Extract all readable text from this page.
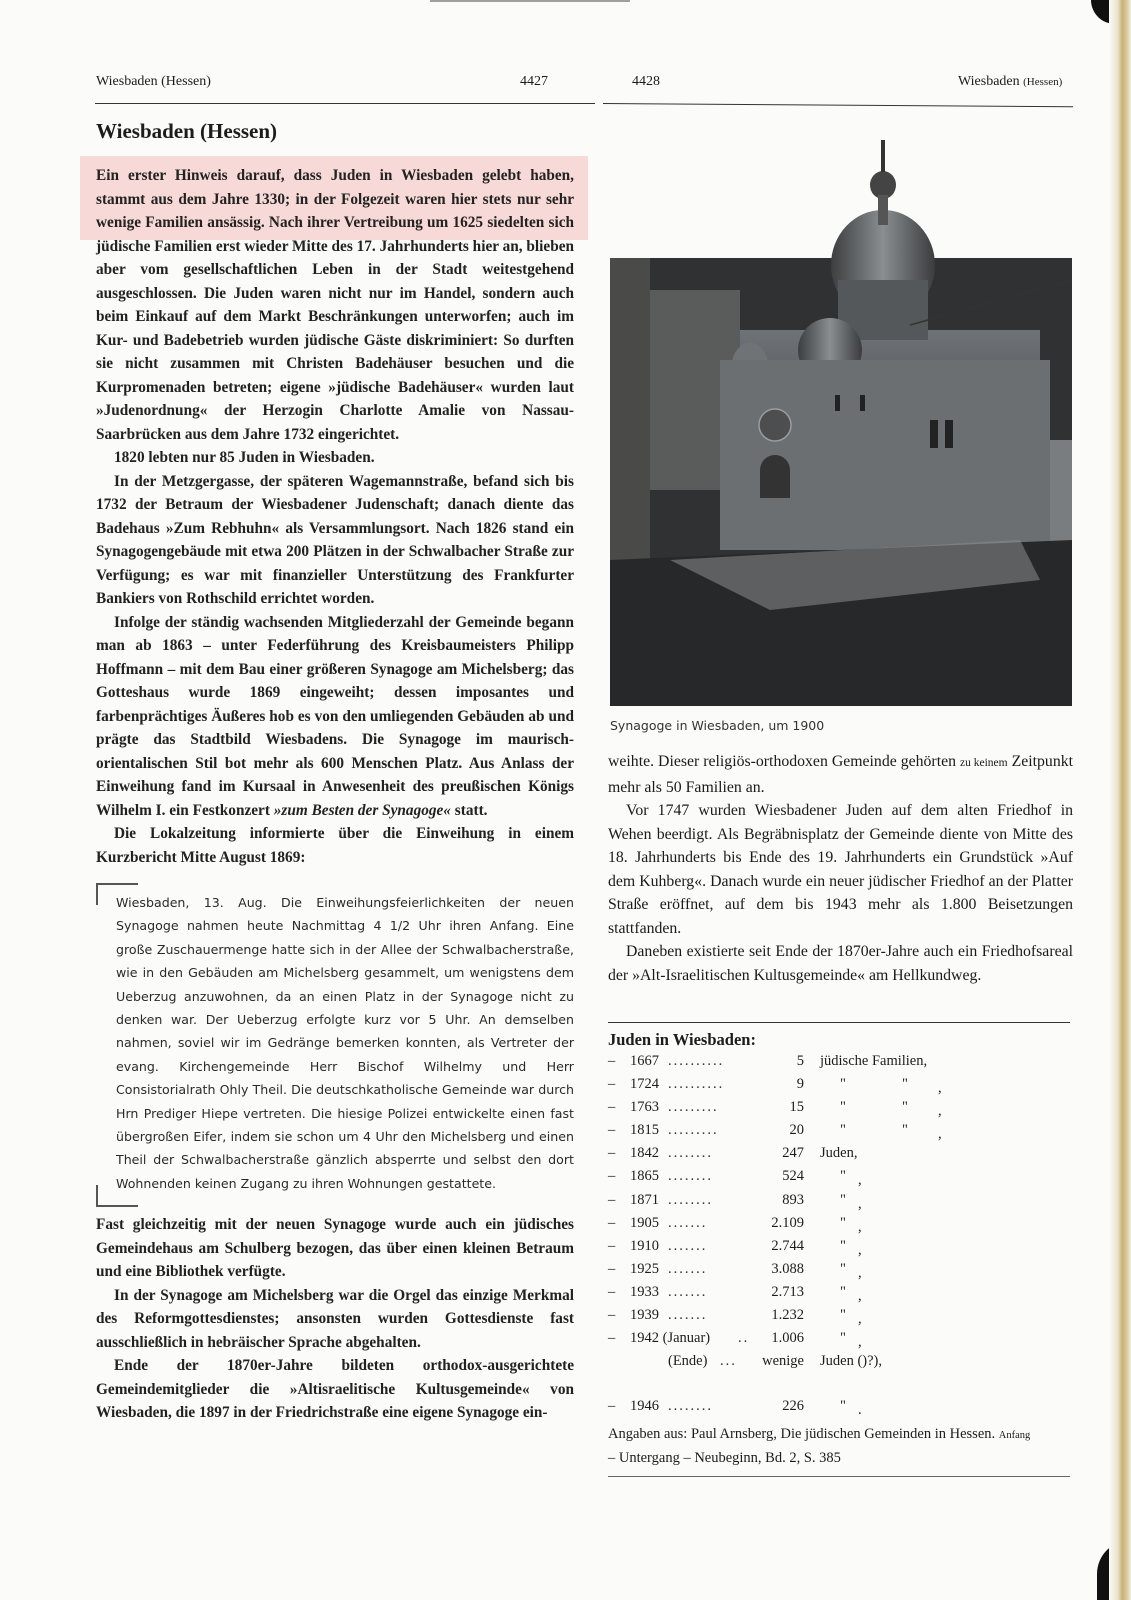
Wiesbaden (Hessen)	4427	4428	Wiesbaden (Hessen)
Wiesbaden (Hessen)

Ein erster Hinweis darauf, dass Juden in Wiesbaden gelebt haben, stammt aus dem Jahre 1330; in der Folgezeit waren hier stets nur sehr wenige Familien ansässig. Nach ihrer Vertreibung um 1625 siedelten sich jüdische Familien erst wieder Mitte des 17. Jahrhunderts hier an, blieben aber vom gesellschaftlichen Leben in der Stadt weitestgehend ausgeschlossen. Die Juden waren nicht nur im Handel, sondern auch beim Einkauf auf dem Markt Beschränkungen unterworfen; auch im Kur- und Badebetrieb wurden jüdische Gäste diskriminiert: So durften sie nicht zusammen mit Christen Badehäuser besuchen und die Kurpromenaden betreten; eigene »jüdische Badehäuser« wurden laut »Judenordnung« der Herzogin Charlotte Amalie von Nassau-Saarbrücken aus dem Jahre 1732 eingerichtet.

1820 lebten nur 85 Juden in Wiesbaden.

In der Metzgergasse, der späteren Wagemannstraße, befand sich bis 1732 der Betraum der Wiesbadener Judenschaft; danach diente das Badehaus »Zum Rebhuhn« als Versammlungsort. Nach 1826 stand ein Synagogengebäude mit etwa 200 Plätzen in der Schwalbacher Straße zur Verfügung; es war mit finanzieller Unterstützung des Frankfurter Bankiers von Rothschild errichtet worden.

Infolge der ständig wachsenden Mitgliederzahl der Gemeinde begann man ab 1863 – unter Federführung des Kreisbaumeisters Philipp Hoffmann – mit dem Bau einer größeren Synagoge am Michelsberg; das Gotteshaus wurde 1869 eingeweiht; dessen imposantes und farbenprächtiges Äußeres hob es von den umliegenden Gebäuden ab und prägte das Stadtbild Wiesbadens. Die Synagoge im maurisch-orientalischen Stil bot mehr als 600 Menschen Platz. Aus Anlass der Einweihung fand im Kursaal in Anwesenheit des preußischen Königs Wilhelm I. ein Festkonzert »zum Besten der Synagoge« statt.

Die Lokalzeitung informierte über die Einweihung in einem Kurzbericht Mitte August 1869:

Wiesbaden, 13. Aug. Die Einweihungsfeierlichkeiten der neuen Synagoge nahmen heute Nachmittag 4 1/2 Uhr ihren Anfang. Eine große Zuschauermenge hatte sich in der Allee der Schwalbacherstraße, wie in den Gebäuden am Michelsberg gesammelt, um wenigstens dem Ueberzug anzuwohnen, da an einen Platz in der Synagoge nicht zu denken war. Der Ueberzug erfolgte kurz vor 5 Uhr. An demselben nahmen, soviel wir im Gedränge bemerken konnten, als Vertreter der evang. Kirchengemeinde Herr Bischof Wilhelmy und Herr Consistorialrath Ohly Theil. Die deutschkatholische Gemeinde war durch Hrn Prediger Hiepe vertreten. Die hiesige Polizei entwickelte einen fast übergroßen Eifer, indem sie schon um 4 Uhr den Michelsberg und einen Theil der Schwalbacherstraße gänzlich absperrte und selbst den dort Wohnenden keinen Zugang zu ihren Wohnungen gestattete.

Fast gleichzeitig mit der neuen Synagoge wurde auch ein jüdisches Gemeindehaus am Schulberg bezogen, das über einen kleinen Betraum und eine Bibliothek verfügte.

In der Synagoge am Michelsberg war die Orgel das einzige Merkmal des Reformgottesdienstes; ansonsten wurden Gottesdienste fast ausschließlich in hebräischer Sprache abgehalten.

Ende der 1870er-Jahre bildeten orthodox-ausgerichtete Gemeindemitglieder die »Altisraelitische Kultusgemeinde« von Wiesbaden, die 1897 in der Friedrichstraße eine eigene Synagoge ein-

Synagoge in Wiesbaden, um 1900

weihte. Dieser religiös-orthodoxen Gemeinde gehörten zu keinem Zeitpunkt mehr als 50 Familien an.

Vor 1747 wurden Wiesbadener Juden auf dem alten Friedhof in Wehen beerdigt. Als Begräbnisplatz der Gemeinde diente von Mitte des 18. Jahrhunderts bis Ende des 19. Jahrhunderts ein Grundstück »Auf dem Kuhberg«. Danach wurde ein neuer jüdischer Friedhof an der Platter Straße eröffnet, auf dem bis 1943 mehr als 1.800 Beisetzungen stattfanden.

Daneben existierte seit Ende der 1870er-Jahre auch ein Friedhofsareal der »Alt-Israelitischen Kultusgemeinde« am Hellkundweg.

Juden in Wiesbaden:
– 1667 ..........	5 jüdische Familien,
– 1724 ..........	9 "	" ,
– 1763 .........	15 "	" ,
– 1815 .........	20 "	" ,
– 1842 ........	247 Juden,
– 1865 ........	524 " ,
– 1871 ........	893 " ,
– 1905 .......	2.109 " ,
– 1910 .......	2.744 " ,
– 1925 .......	3.088 " ,
– 1933 .......	2.713 " ,
– 1939 .......	1.232 " ,
– 1942 (Januar) ..	1.006 " ,
(Ende) ...	wenige Juden ()?),
– 1946 ........	226 " .
Angaben aus: Paul Arnsberg, Die jüdischen Gemeinden in Hessen. Anfang
– Untergang – Neubeginn, Bd. 2, S. 385
